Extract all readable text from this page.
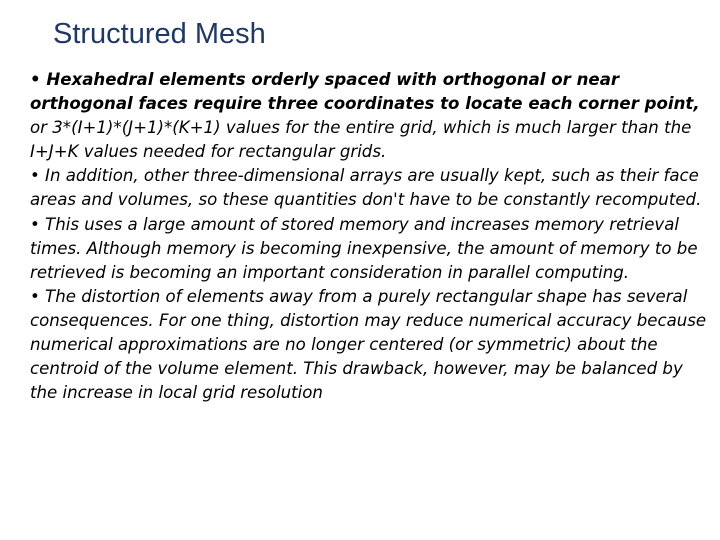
Structured Mesh

• Hexahedral elements orderly spaced with orthogonal or near orthogonal faces require three coordinates to locate each corner point, or 3*(I+1)*(J+1)*(K+1) values for the entire grid, which is much larger than the I+J+K values needed for rectangular grids.

• In addition, other three-dimensional arrays are usually kept, such as their face areas and volumes, so these quantities don't have to be constantly recomputed.

• This uses a large amount of stored memory and increases memory retrieval times. Although memory is becoming inexpensive, the amount of memory to be retrieved is becoming an important consideration in parallel computing.

• The distortion of elements away from a purely rectangular shape has several consequences. For one thing, distortion may reduce numerical accuracy because numerical approximations are no longer centered (or symmetric) about the centroid of the volume element. This drawback, however, may be balanced by the increase in local grid resolution
